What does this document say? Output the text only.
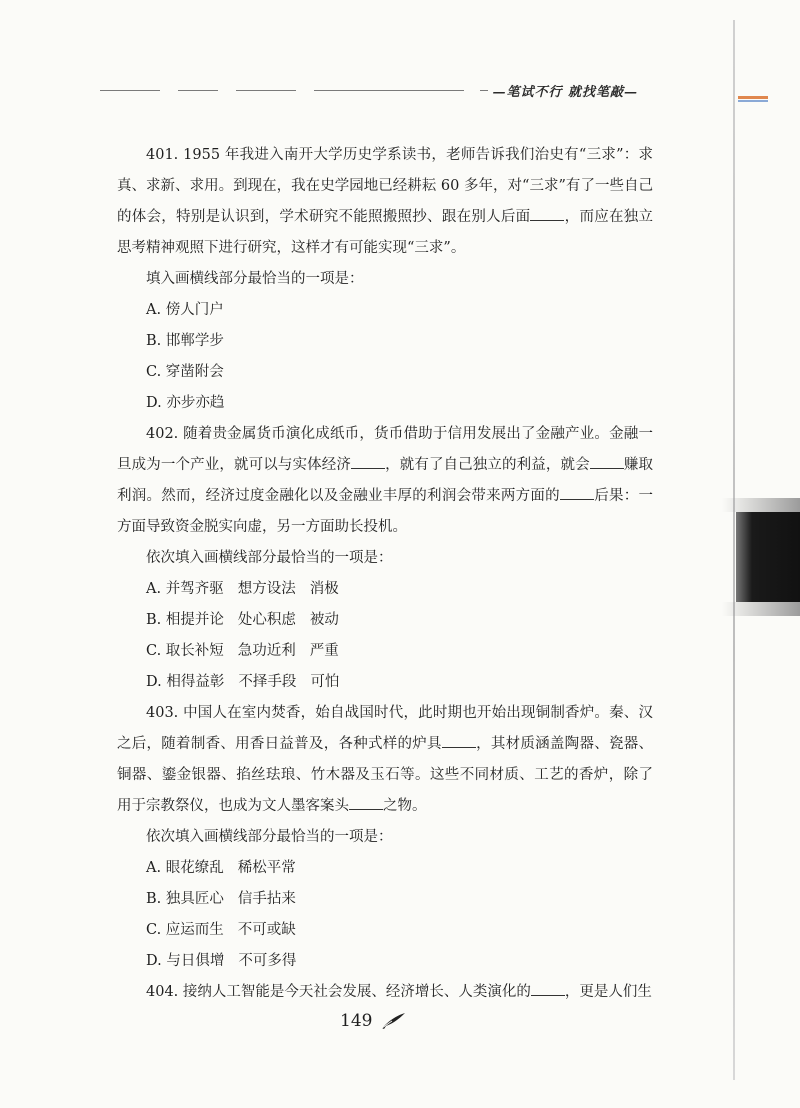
—笔试不行 就找笔敲—

401. 1955 年我进入南开大学历史学系读书，老师告诉我们治史有“三求”：求真、求新、求用。到现在，我在史学园地已经耕耘 60 多年，对“三求”有了一些自己的体会，特别是认识到，学术研究不能照搬照抄、跟在别人后面 ，而应在独立思考精神观照下进行研究，这样才有可能实现“三求”。

填入画横线部分最恰当的一项是：

A. 傍人门户

B. 邯郸学步

C. 穿凿附会

D. 亦步亦趋

402. 随着贵金属货币演化成纸币，货币借助于信用发展出了金融产业。金融一旦成为一个产业，就可以与实体经济 ，就有了自己独立的利益，就会 赚取利润。然而，经济过度金融化以及金融业丰厚的利润会带来两方面的 后果：一方面导致资金脱实向虚，另一方面助长投机。

依次填入画横线部分最恰当的一项是：

A. 并驾齐驱 想方设法 消极

B. 相提并论 处心积虑 被动

C. 取长补短 急功近利 严重

D. 相得益彰 不择手段 可怕

403. 中国人在室内焚香，始自战国时代，此时期也开始出现铜制香炉。秦、汉之后，随着制香、用香日益普及，各种式样的炉具 ，其材质涵盖陶器、瓷器、铜器、鎏金银器、掐丝珐琅、竹木器及玉石等。这些不同材质、工艺的香炉，除了用于宗教祭仪，也成为文人墨客案头 之物。

依次填入画横线部分最恰当的一项是：

A. 眼花缭乱 稀松平常

B. 独具匠心 信手拈来

C. 应运而生 不可或缺

D. 与日俱增 不可多得

404. 接纳人工智能是今天社会发展、经济增长、人类演化的 ，更是人们生

149
